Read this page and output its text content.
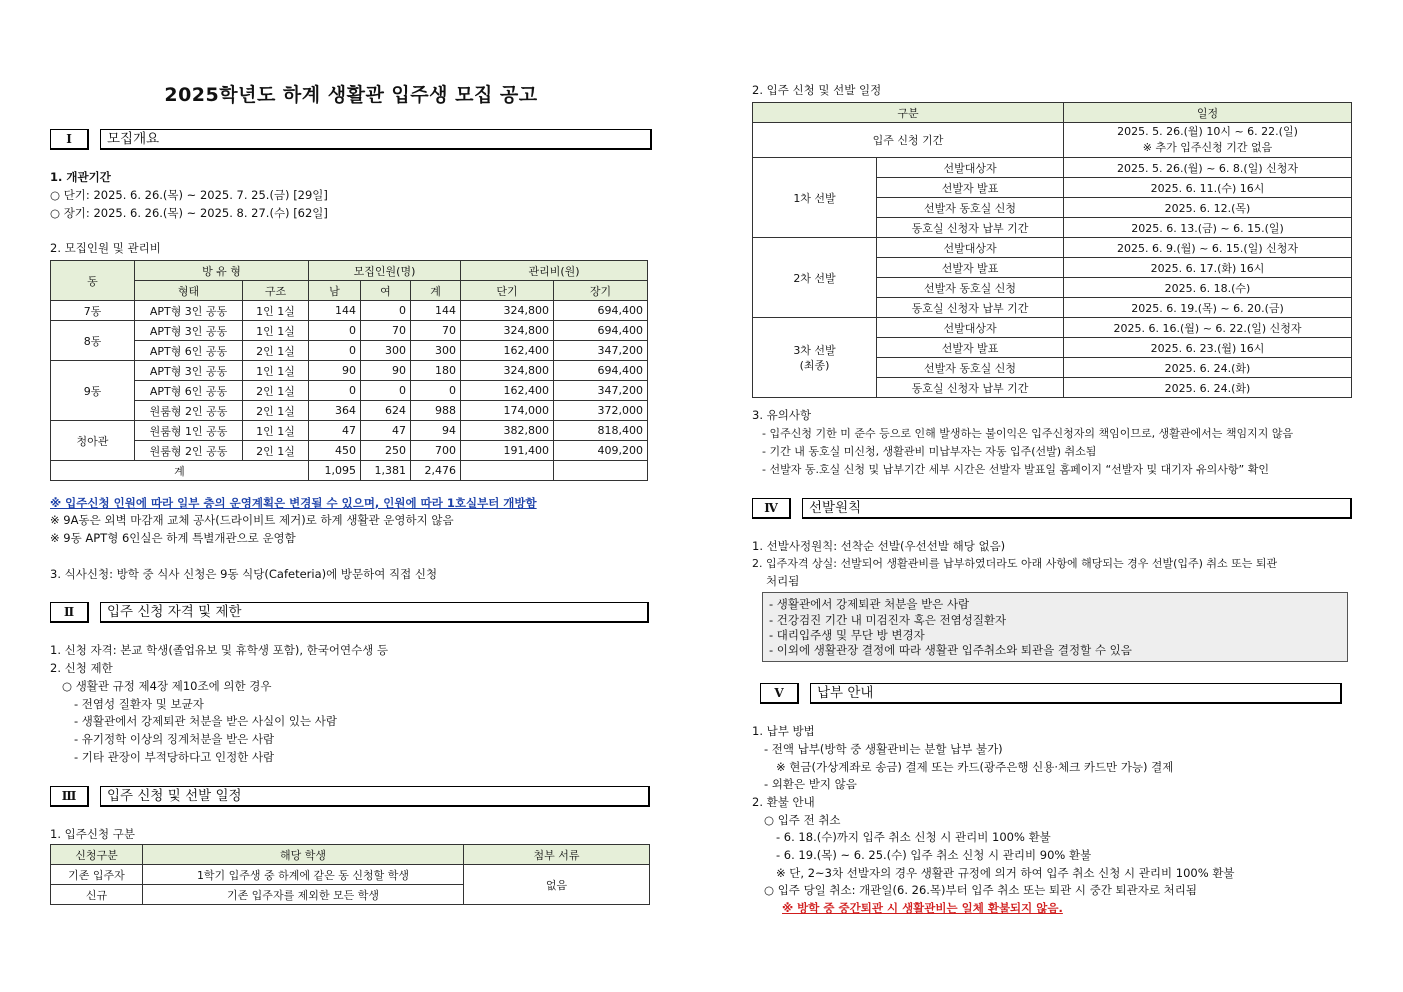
2025학년도 하계 생활관 입주생 모집 공고
Ⅰ	모집개요
1. 개관기간
○ 단기: 2025. 6. 26.(목) ~ 2025. 7. 25.(금) [29일]
○ 장기: 2025. 6. 26.(목) ~ 2025. 8. 27.(수) [62일]
2. 모집인원 및 관리비
동	방 유 형		모집인원(명)			관리비(원)	
	형태	구조	남	여	계	단기	장기
7동	APT형 3인 공동	1인 1실	144	0	144	324,800	694,400
8동	APT형 3인 공동	1인 1실	0	70	70	324,800	694,400
	APT형 6인 공동	2인 1실	0	300	300	162,400	347,200
9동	APT형 3인 공동	1인 1실	90	90	180	324,800	694,400
	APT형 6인 공동	2인 1실	0	0	0	162,400	347,200
	원룸형 2인 공동	2인 1실	364	624	988	174,000	372,000
청아관	원룸형 1인 공동	1인 1실	47	47	94	382,800	818,400
	원룸형 2인 공동	2인 1실	450	250	700	191,400	409,200
계			1,095	1,381	2,476		
※ 입주신청 인원에 따라 일부 층의 운영계획은 변경될 수 있으며, 인원에 따라 1호실부터 개방함
※ 9A동은 외벽 마감재 교체 공사(드라이비트 제거)로 하계 생활관 운영하지 않음
※ 9동 APT형 6인실은 하계 특별개관으로 운영함
3. 식사신청: 방학 중 식사 신청은 9동 식당(Cafeteria)에 방문하여 직접 신청
Ⅱ	입주 신청 자격 및 제한
1. 신청 자격: 본교 학생(졸업유보 및 휴학생 포함), 한국어연수생 등
2. 신청 제한
○ 생활관 규정 제4장 제10조에 의한 경우
- 전염성 질환자 및 보균자
- 생활관에서 강제퇴관 처분을 받은 사실이 있는 사람
- 유기정학 이상의 징계처분을 받은 사람
- 기타 관장이 부적당하다고 인정한 사람
Ⅲ	입주 신청 및 선발 일정
1. 입주신청 구분
신청구분	해당 학생	첨부 서류
기존 입주자	1학기 입주생 중 하계에 같은 동 신청할 학생	없음
신규	기존 입주자를 제외한 모든 학생	
2. 입주 신청 및 선발 일정
구분		일정
입주 신청 기간		2025. 5. 26.(월) 10시 ~ 6. 22.(일)
※ 추가 입주신청 기간 없음

1차 선발	선발대상자	2025. 5. 26.(월) ~ 6. 8.(일) 신청자
	선발자 발표	2025. 6. 11.(수) 16시
	선발자 동호실 신청	2025. 6. 12.(목)
	동호실 신청자 납부 기간	2025. 6. 13.(금) ~ 6. 15.(일)
2차 선발	선발대상자	2025. 6. 9.(월) ~ 6. 15.(일) 신청자
	선발자 발표	2025. 6. 17.(화) 16시
	선발자 동호실 신청	2025. 6. 18.(수)
	동호실 신청자 납부 기간	2025. 6. 19.(목) ~ 6. 20.(금)

3차 선발
(최종)	선발대상자	2025. 6. 16.(월) ~ 6. 22.(일) 신청자
	선발자 발표	2025. 6. 23.(월) 16시
	선발자 동호실 신청	2025. 6. 24.(화)
	동호실 신청자 납부 기간	2025. 6. 24.(화)
3. 유의사항
- 입주신청 기한 미 준수 등으로 인해 발생하는 불이익은 입주신청자의 책임이므로, 생활관에서는 책임지지 않음
- 기간 내 동호실 미신청, 생활관비 미납부자는 자동 입주(선발) 취소됨
- 선발자 동.호실 신청 및 납부기간 세부 시간은 선발자 발표일 홈페이지 “선발자 및 대기자 유의사항” 확인
Ⅳ	선발원칙
1. 선발사정원칙: 선착순 선발(우선선발 해당 없음)
2. 입주자격 상실: 선발되어 생활관비를 납부하였더라도 아래 사항에 해당되는 경우 선발(입주) 취소 또는 퇴관
처리됨
- 생활관에서 강제퇴관 처분을 받은 사람
- 건강검진 기간 내 미검진자 혹은 전염성질환자
- 대리입주생 및 무단 방 변경자
- 이외에 생활관장 결정에 따라 생활관 입주취소와 퇴관을 결정할 수 있음
Ⅴ	납부 안내
1. 납부 방법
- 전액 납부(방학 중 생활관비는 분할 납부 불가)
※ 현금(가상계좌로 송금) 결제 또는 카드(광주은행 신용·체크 카드만 가능) 결제
- 외환은 받지 않음
2. 환불 안내
○ 입주 전 취소
- 6. 18.(수)까지 입주 취소 신청 시 관리비 100% 환불
- 6. 19.(목) ~ 6. 25.(수) 입주 취소 신청 시 관리비 90% 환불
※ 단, 2~3차 선발자의 경우 생활관 규정에 의거 하여 입주 취소 신청 시 관리비 100% 환불
○ 입주 당일 취소: 개관일(6. 26.목)부터 입주 취소 또는 퇴관 시 중간 퇴관자로 처리됨
※ 방학 중 중간퇴관 시 생활관비는 일체 환불되지 않음.
